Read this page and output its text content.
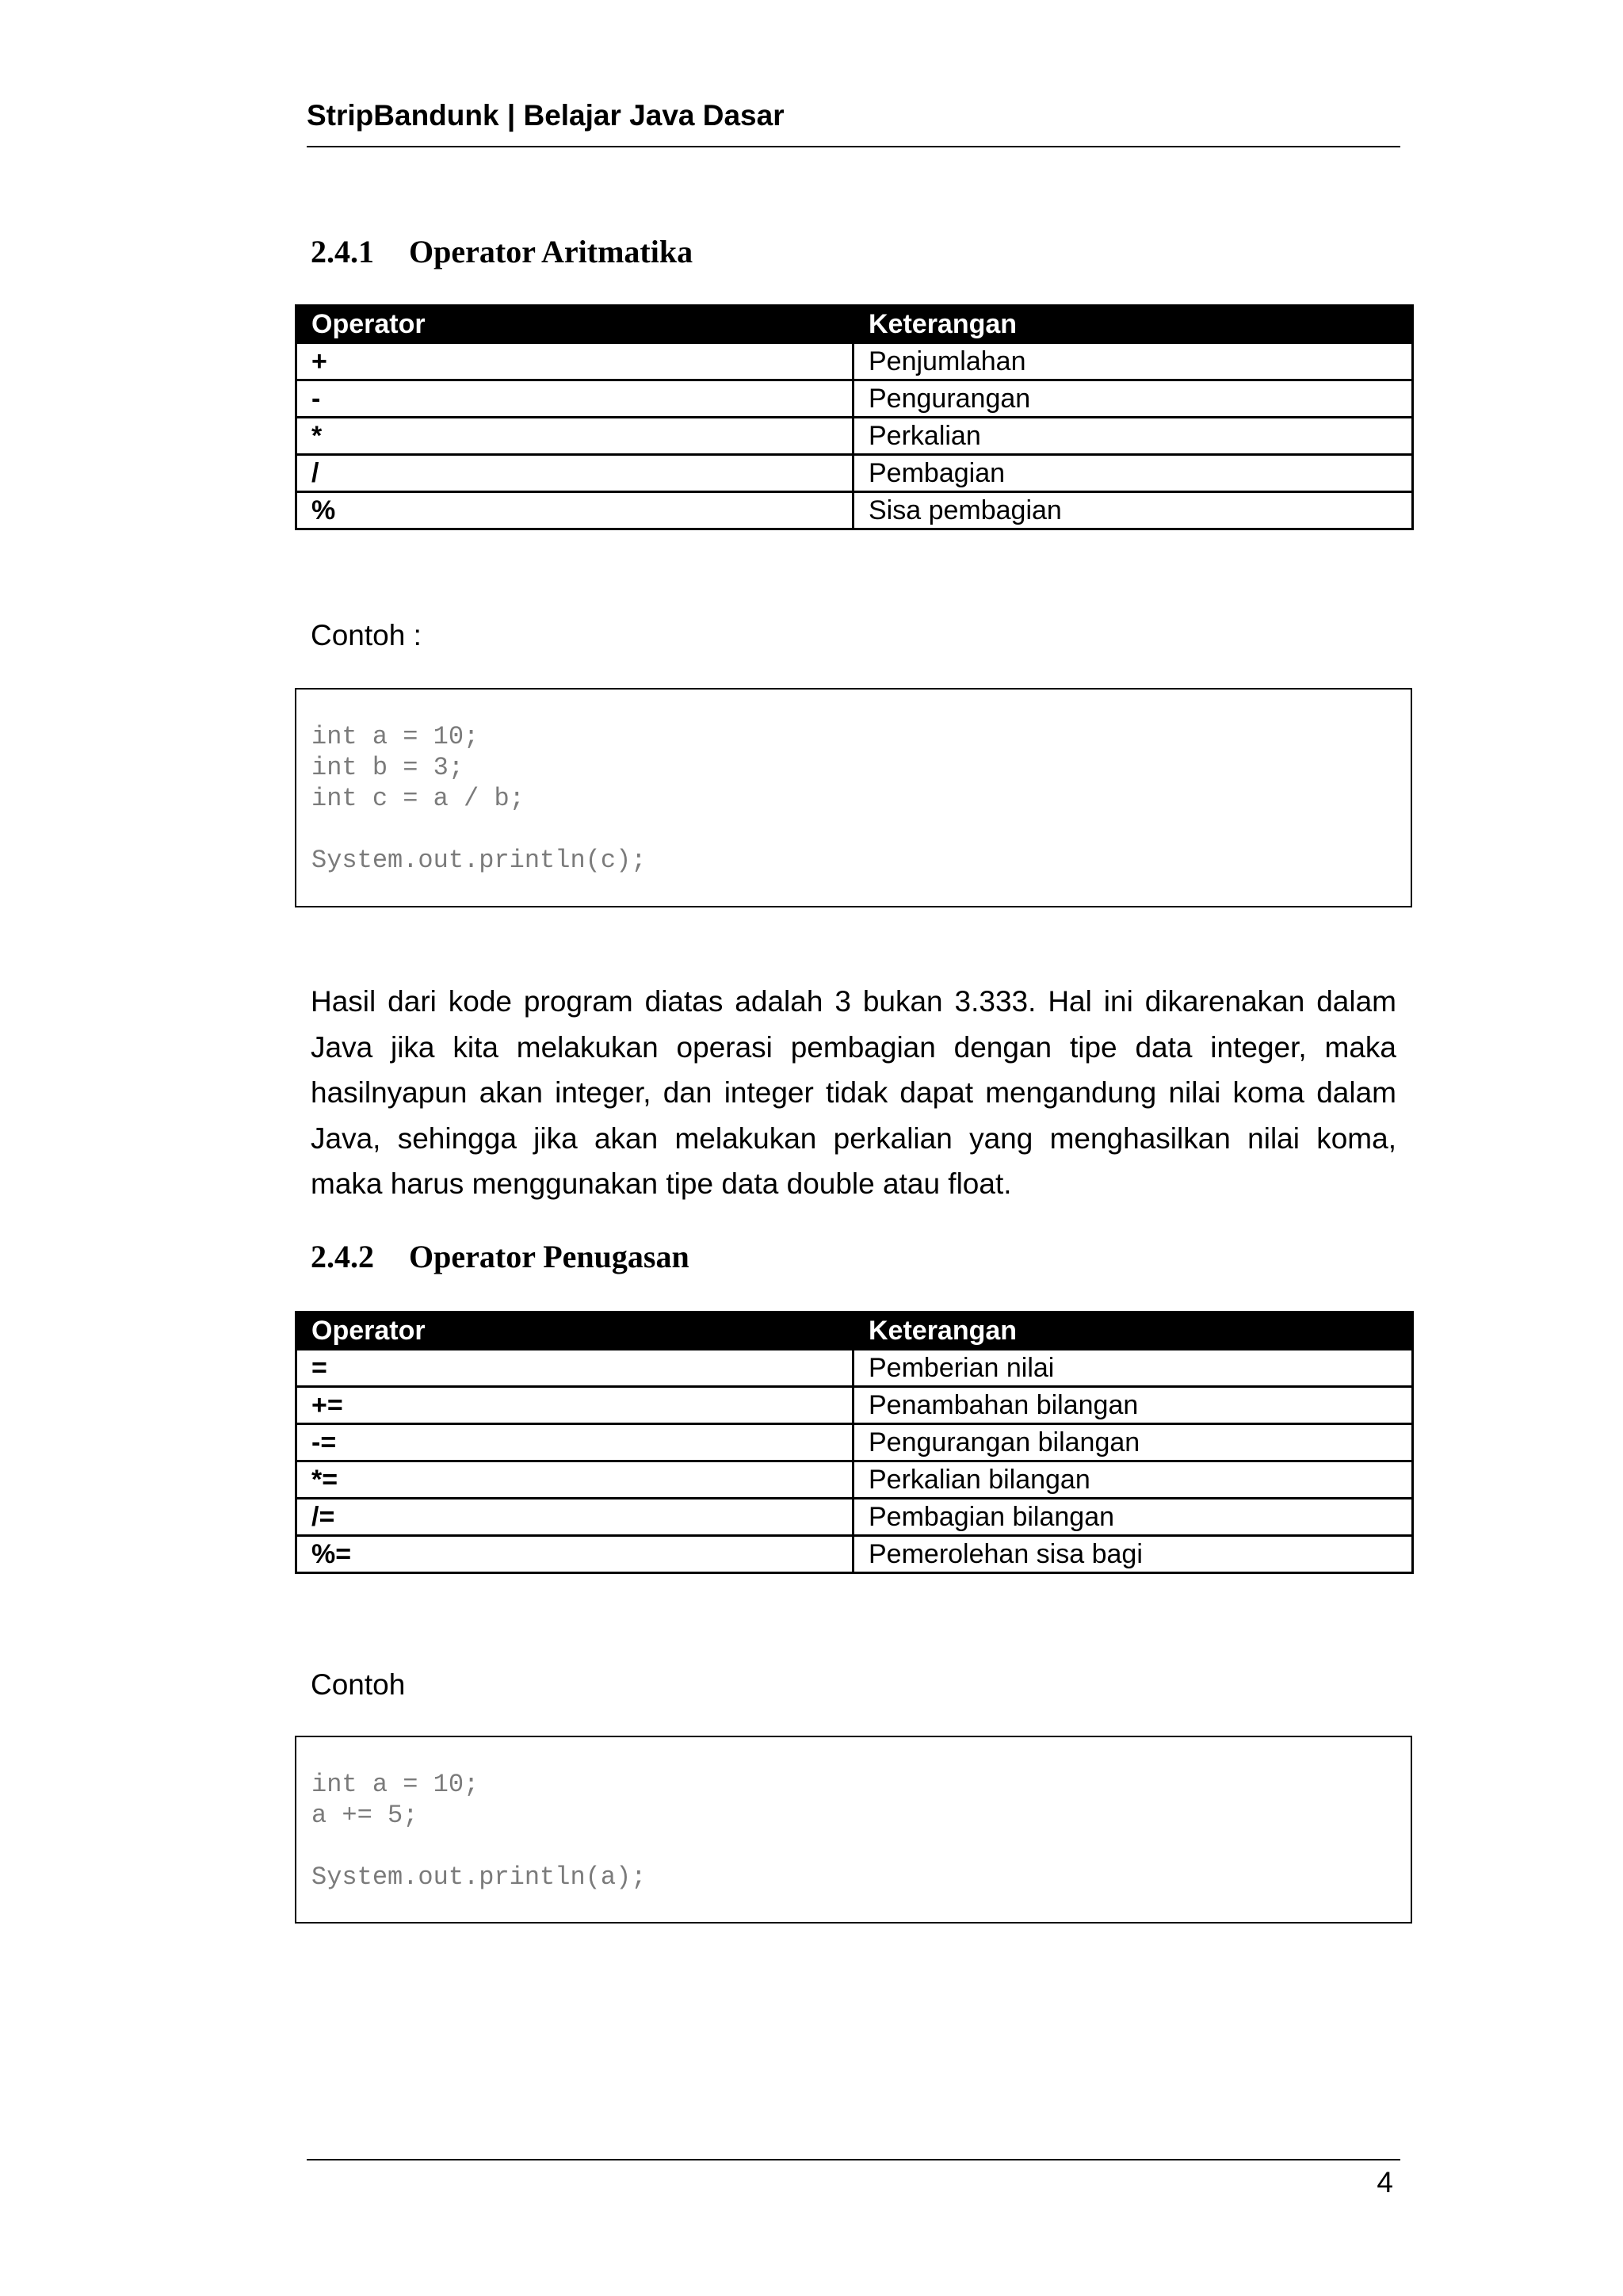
StripBandunk | Belajar Java Dasar
2.4.1 Operator Aritmatika
Operator	Keterangan
+	Penjumlahan
-	Pengurangan
*	Perkalian
/	Pembagian
%	Sisa pembagian
Contoh :
int a = 10;
int b = 3;
int c = a / b;

System.out.println(c);

Hasil dari kode program diatas adalah 3 bukan 3.333. Hal ini dikarenakan dalam Java jika kita melakukan operasi pembagian dengan tipe data integer, maka hasilnyapun akan integer, dan integer tidak dapat mengandung nilai koma dalam Java, sehingga jika akan melakukan perkalian yang menghasilkan nilai koma, maka harus menggunakan tipe data double atau float.

2.4.2 Operator Penugasan
Operator	Keterangan
=	Pemberian nilai
+=	Penambahan bilangan
-=	Pengurangan bilangan
*=	Perkalian bilangan
/=	Pembagian bilangan
%=	Pemerolehan sisa bagi
Contoh
int a = 10;
a += 5;

System.out.println(a);
4
